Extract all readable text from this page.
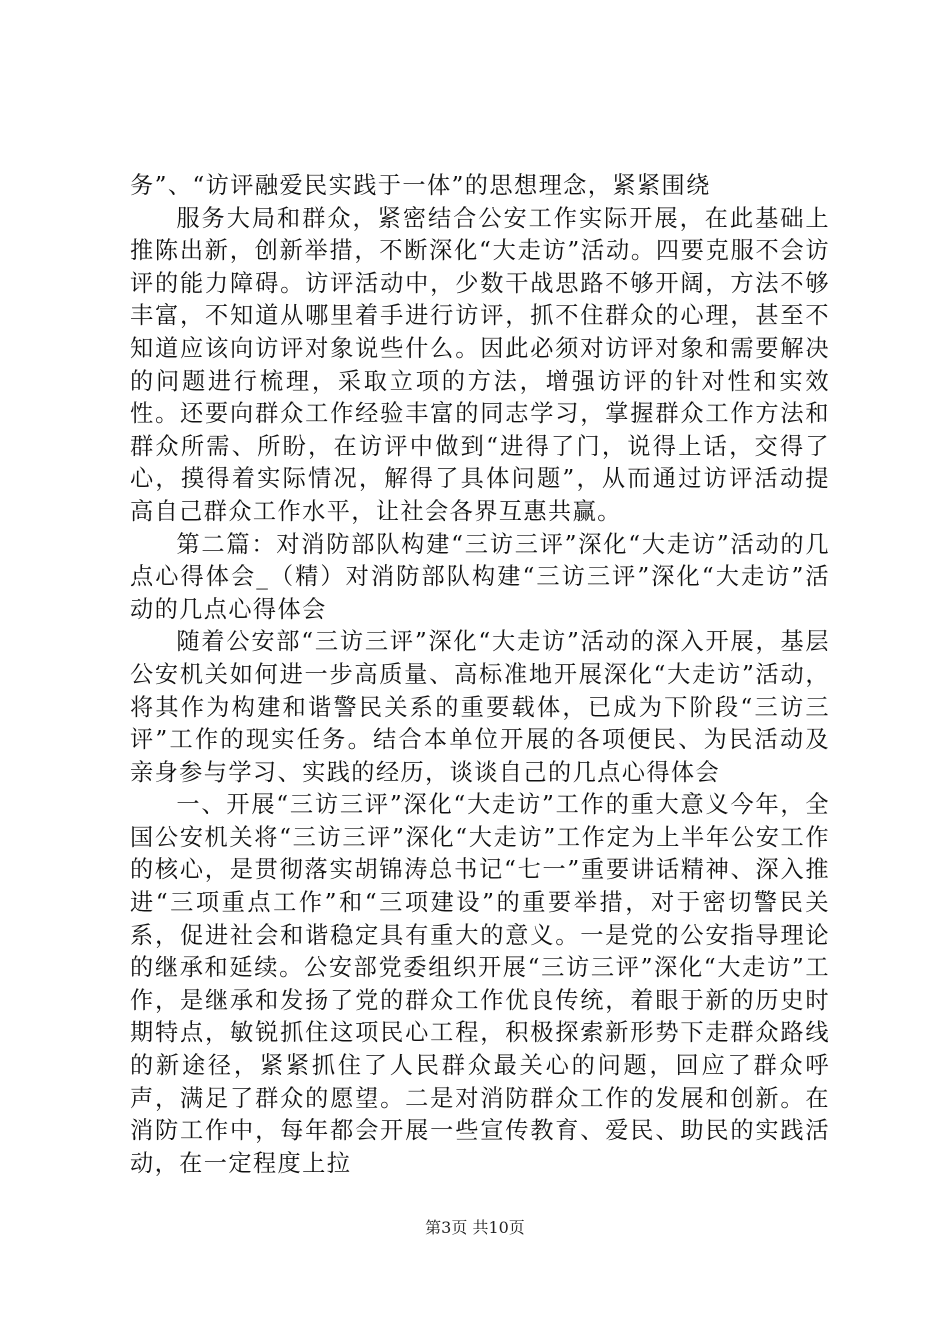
务”、“访评融爱民实践于一体”的思想理念，紧紧围绕

服务大局和群众，紧密结合公安工作实际开展，在此基础上推陈出新，创新举措，不断深化“大走访”活动。四要克服不会访评的能力障碍。访评活动中，少数干战思路不够开阔，方法不够丰富，不知道从哪里着手进行访评，抓不住群众的心理，甚至不知道应该向访评对象说些什么。因此必须对访评对象和需要解决的问题进行梳理，采取立项的方法，增强访评的针对性和实效性。还要向群众工作经验丰富的同志学习，掌握群众工作方法和群众所需、所盼，在访评中做到“进得了门，说得上话，交得了心，摸得着实际情况，解得了具体问题”，从而通过访评活动提高自己群众工作水平，让社会各界互惠共赢。

第二篇：对消防部队构建“三访三评”深化“大走访”活动的几点心得体会_（精）对消防部队构建“三访三评”深化“大走访”活动的几点心得体会

随着公安部“三访三评”深化“大走访”活动的深入开展，基层公安机关如何进一步高质量、高标准地开展深化“大走访”活动，将其作为构建和谐警民关系的重要载体，已成为下阶段“三访三评”工作的现实任务。结合本单位开展的各项便民、为民活动及亲身参与学习、实践的经历，谈谈自己的几点心得体会

一、开展“三访三评”深化“大走访”工作的重大意义今年，全国公安机关将“三访三评”深化“大走访”工作定为上半年公安工作的核心，是贯彻落实胡锦涛总书记“七一”重要讲话精神、深入推进“三项重点工作”和“三项建设”的重要举措，对于密切警民关系，促进社会和谐稳定具有重大的意义。一是党的公安指导理论的继承和延续。公安部党委组织开展“三访三评”深化“大走访”工作，是继承和发扬了党的群众工作优良传统，着眼于新的历史时期特点，敏锐抓住这项民心工程，积极探索新形势下走群众路线的新途径，紧紧抓住了人民群众最关心的问题，回应了群众呼声，满足了群众的愿望。二是对消防群众工作的发展和创新。在消防工作中，每年都会开展一些宣传教育、爱民、助民的实践活动，在一定程度上拉

第3页 共10页
